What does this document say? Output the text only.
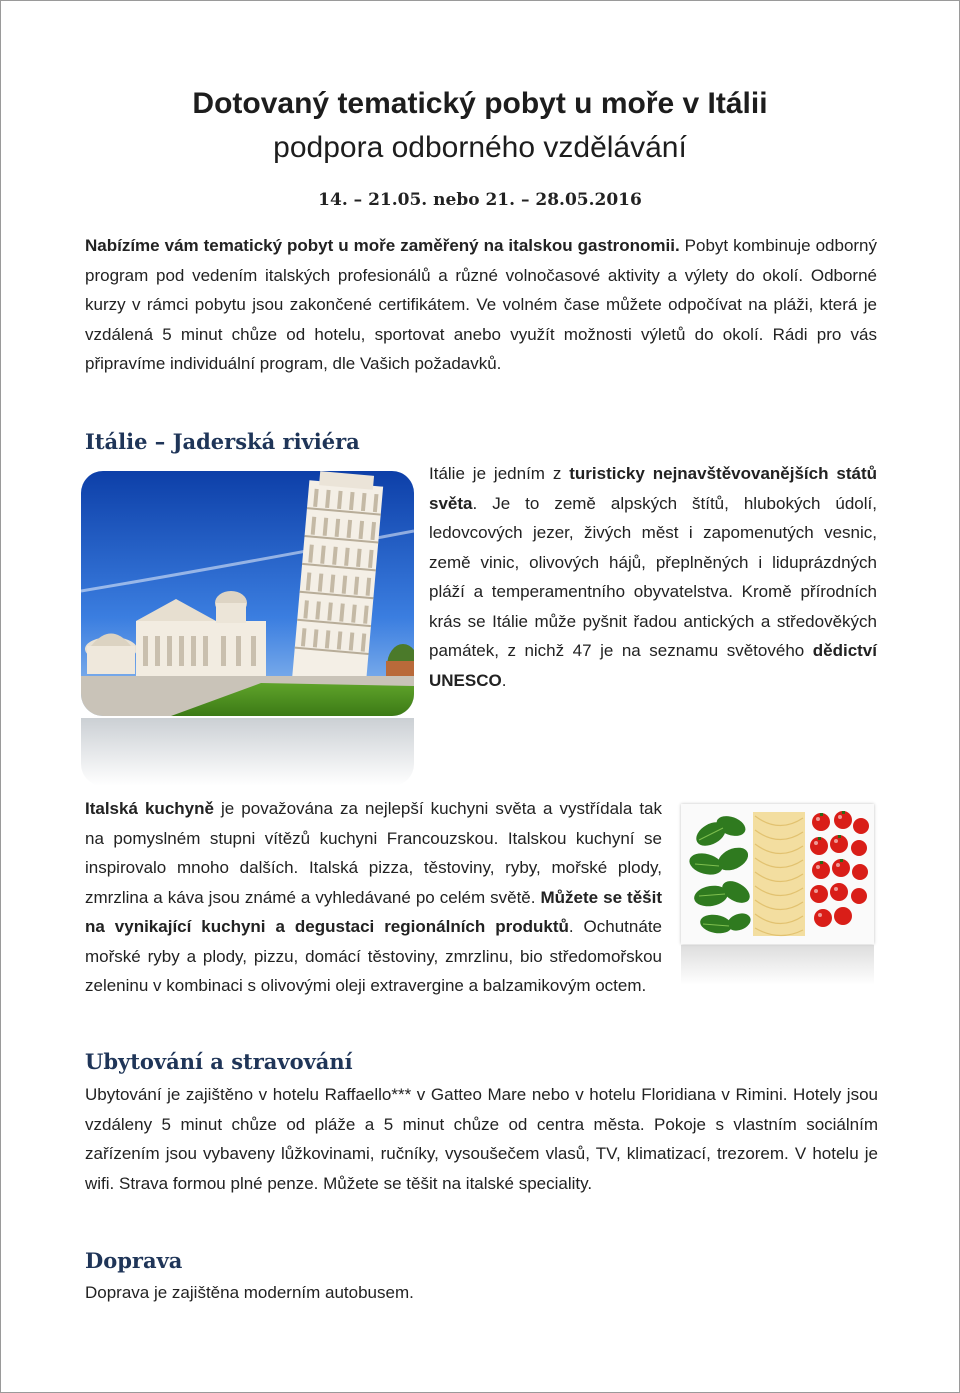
Dotovaný tematický pobyt u moře v Itálii
podpora odborného vzdělávání
14. – 21.05. nebo 21. – 28.05.2016
Nabízíme vám tematický pobyt u moře zaměřený na italskou gastronomii. Pobyt kombinuje odborný program pod vedením italských profesionálů a různé volnočasové aktivity a výlety do okolí. Odborné kurzy v rámci pobytu jsou zakončené certifikátem. Ve volném čase můžete odpočívat na pláži, která je vzdálená 5 minut chůze od hotelu, sportovat anebo využít možnosti výletů do okolí. Rádi pro vás připravíme individuální program, dle Vašich požadavků.
Itálie – Jaderská riviéra
Itálie je jedním z turisticky nejnavštěvovanějších států světa. Je to země alpských štítů, hlubokých údolí, ledovcových jezer, živých měst i zapomenutých vesnic, země vinic, olivových hájů, přeplněných i liduprázdných pláží a temperamentního obyvatelstva. Kromě přírodních krás se Itálie může pyšnit řadou antických a středověkých památek, z nichž 47 je na seznamu světového dědictví UNESCO.
Italská kuchyně je považována za nejlepší kuchyni světa a vystřídala tak na pomyslném stupni vítězů kuchyni Francouzskou. Italskou kuchyní se inspirovalo mnoho dalších. Italská pizza, těstoviny, ryby, mořské plody, zmrzlina a káva jsou známé a vyhledávané po celém světě. Můžete se těšit na vynikající kuchyni a degustaci regionálních produktů. Ochutnáte mořské ryby a plody, pizzu, domácí těstoviny, zmrzlinu, bio středomořskou zeleninu v kombinaci s olivovými oleji extravergine a balzamikovým octem.
Ubytování a stravování
Ubytování je zajištěno v hotelu Raffaello*** v Gatteo Mare nebo v hotelu Floridiana v Rimini. Hotely jsou vzdáleny 5 minut chůze od pláže a 5 minut chůze od centra města. Pokoje s vlastním sociálním zařízením jsou vybaveny lůžkovinami, ručníky, vysoušečem vlasů, TV, klimatizací, trezorem. V hotelu je wifi. Strava formou plné penze. Můžete se těšit na italské speciality.
Doprava
Doprava je zajištěna moderním autobusem.
